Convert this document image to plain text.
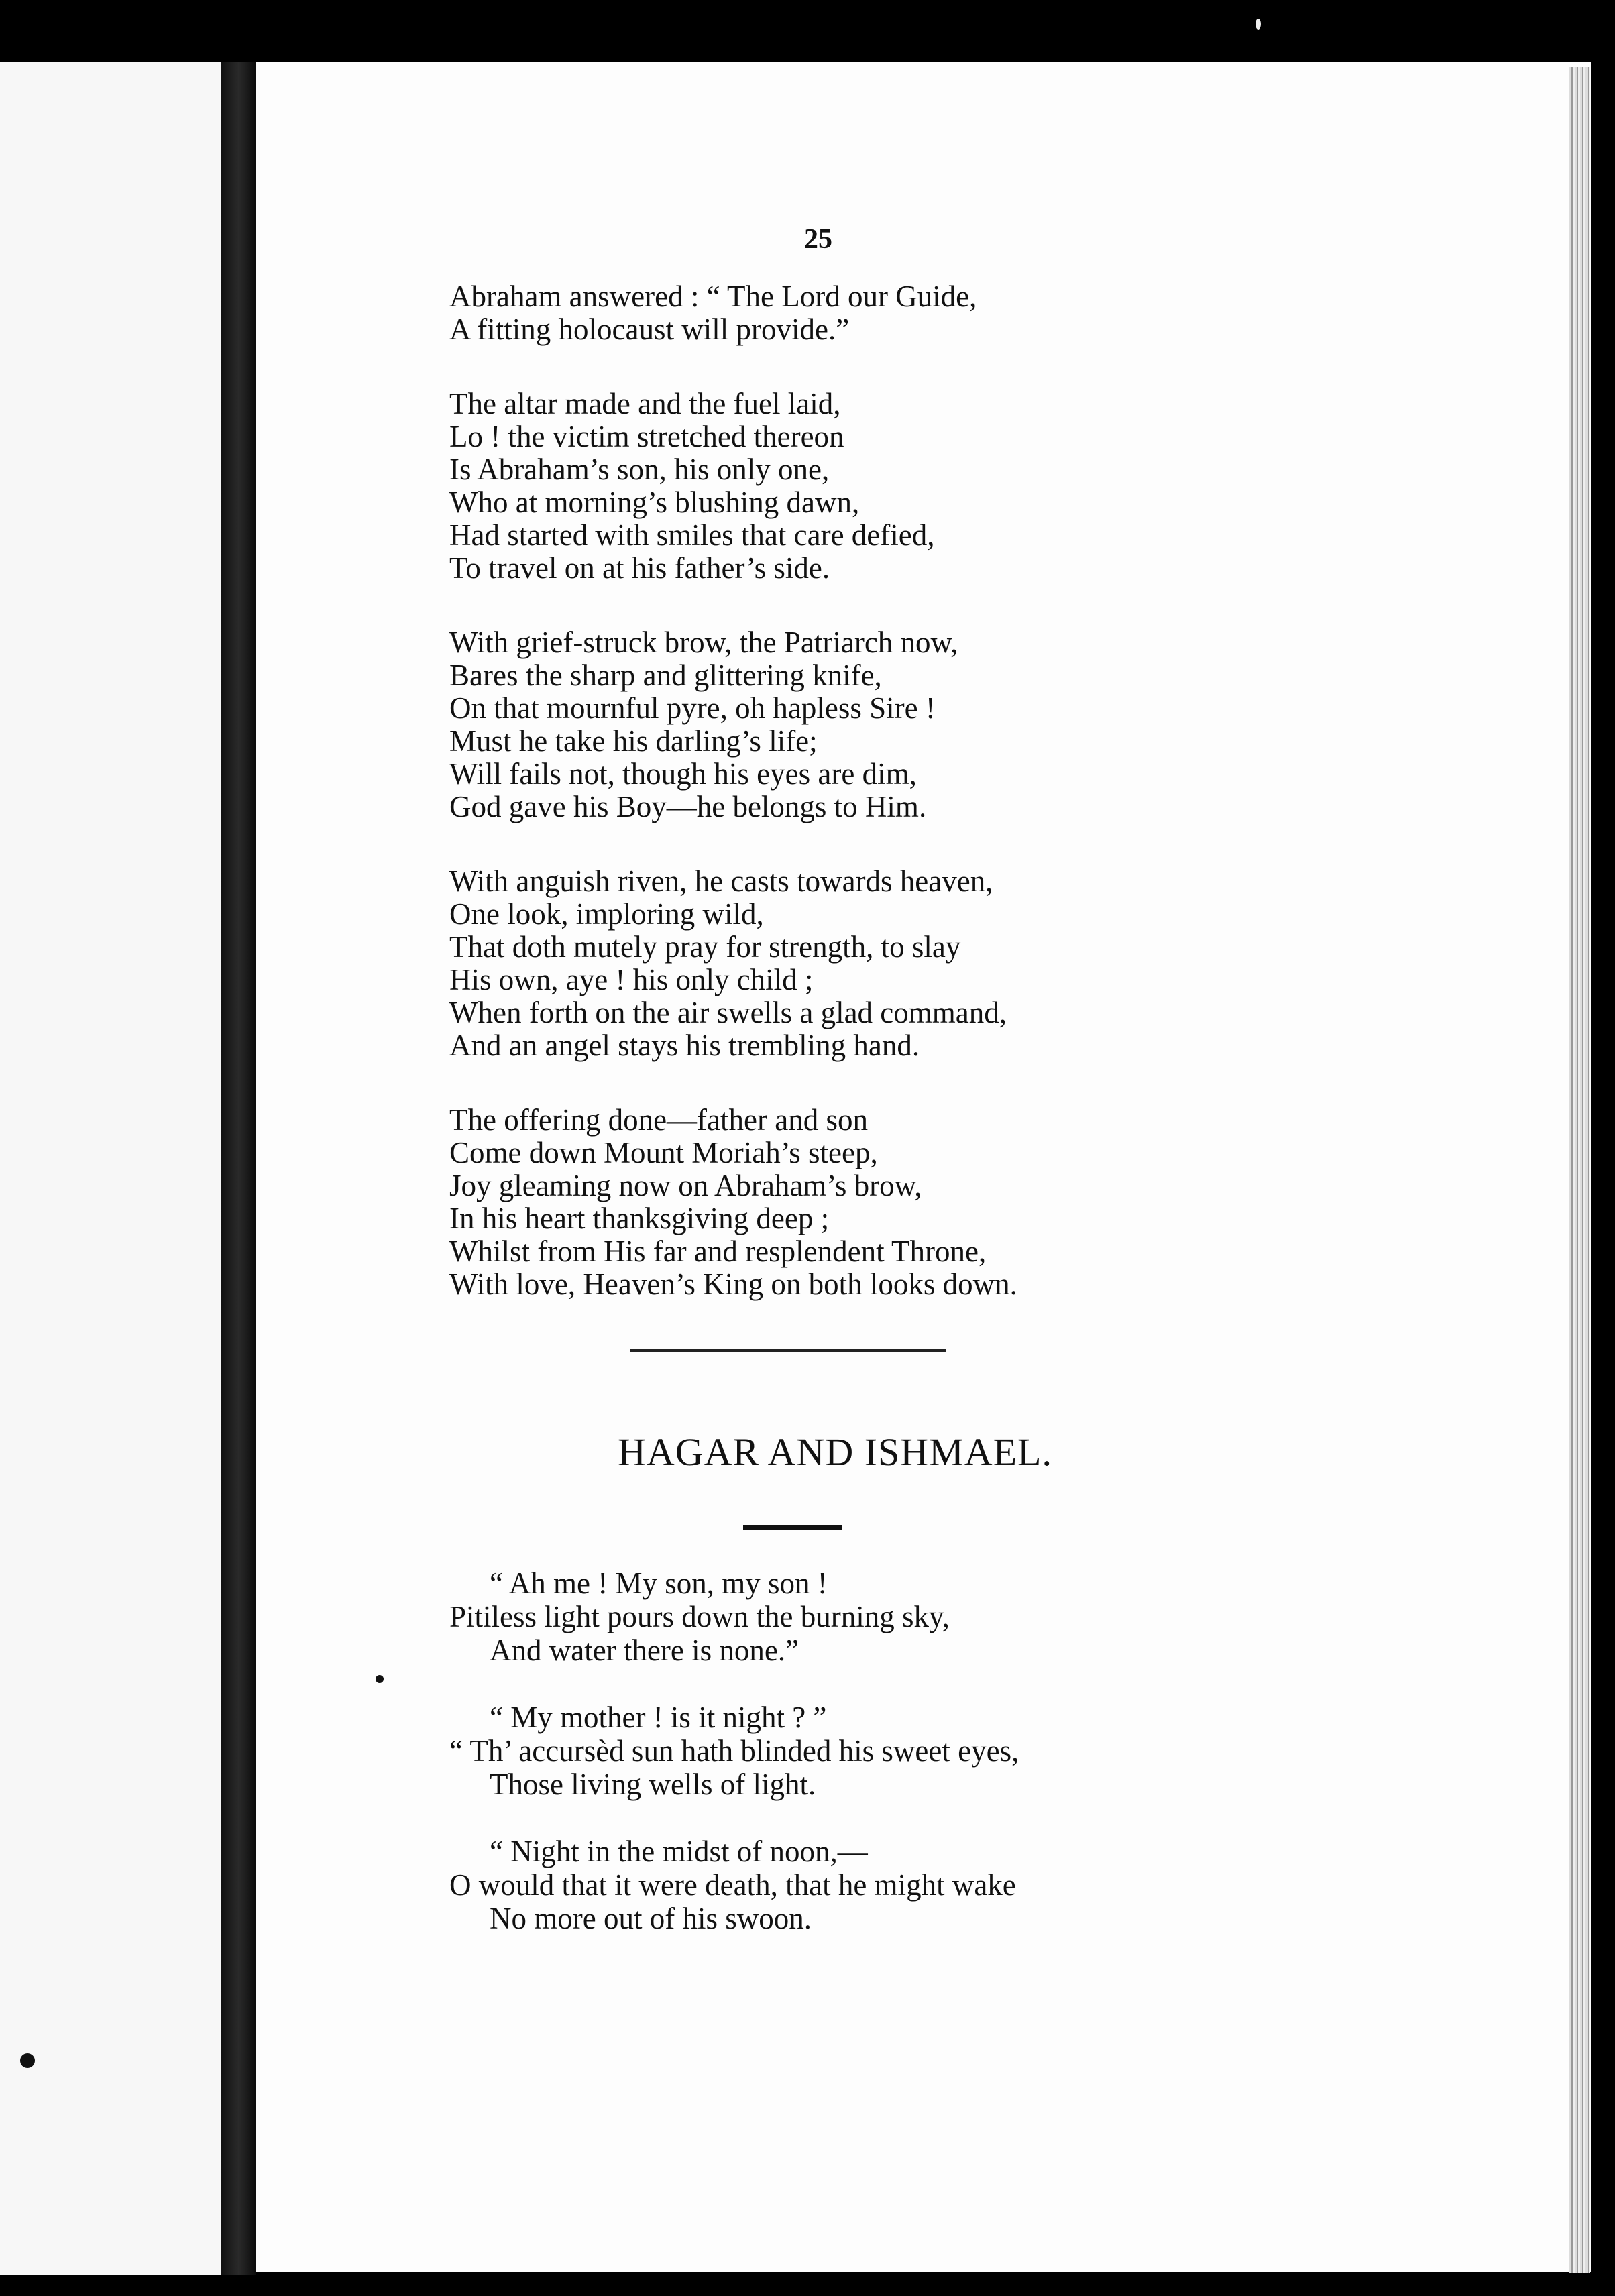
25
Abraham answered : “ The Lord our Guide,
A fitting holocaust will provide.”
The altar made and the fuel laid,
Lo ! the victim stretched thereon
Is Abraham’s son, his only one,
Who at morning’s blushing dawn,
Had started with smiles that care defied,
To travel on at his father’s side.
With grief-struck brow, the Patriarch now,
Bares the sharp and glittering knife,
On that mournful pyre, oh hapless Sire !
Must he take his darling’s life;
Will fails not, though his eyes are dim,
God gave his Boy—he belongs to Him.
With anguish riven, he casts towards heaven,
One look, imploring wild,
That doth mutely pray for strength, to slay
His own, aye ! his only child ;
When forth on the air swells a glad command,
And an angel stays his trembling hand.
The offering done—father and son
Come down Mount Moriah’s steep,
Joy gleaming now on Abraham’s brow,
In his heart thanksgiving deep ;
Whilst from His far and resplendent Throne,
With love, Heaven’s King on both looks down.
HAGAR AND ISHMAEL.
“ Ah me ! My son, my son !
Pitiless light pours down the burning sky,
And water there is none.”
“ My mother ! is it night ? ”
“ Th’ accursèd sun hath blinded his sweet eyes,
Those living wells of light.
“ Night in the midst of noon,—
O would that it were death, that he might wake
No more out of his swoon.
